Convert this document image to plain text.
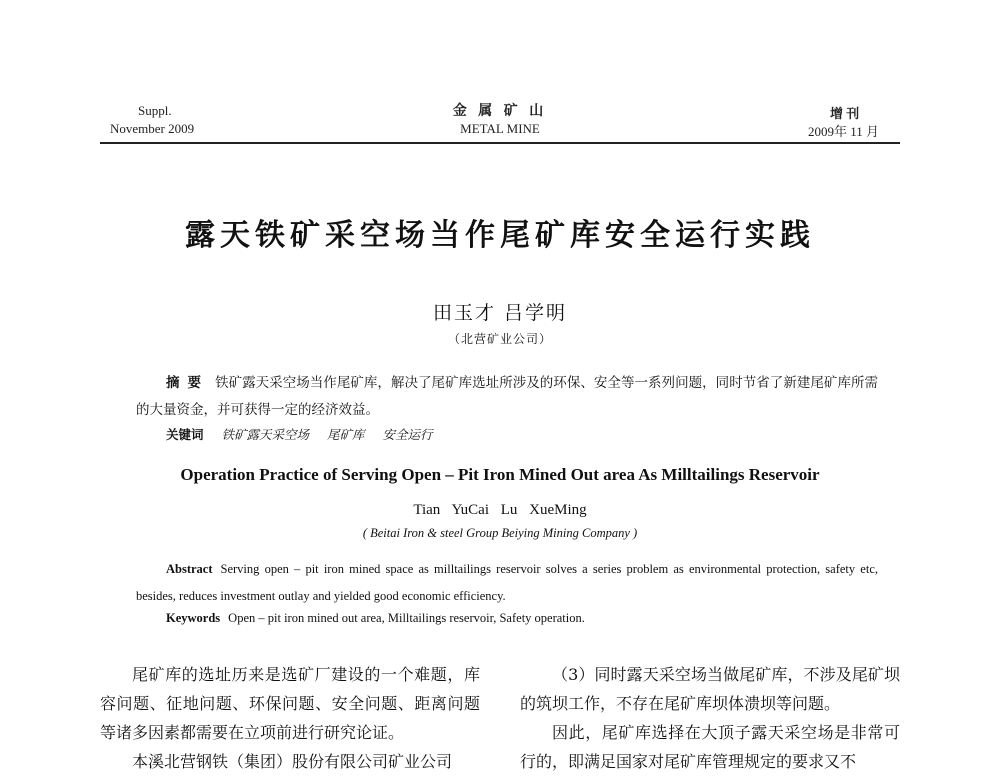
Suppl.
November 2009
金 属 矿 山
METAL MINE
增 刊
2009年 11 月
露天铁矿采空场当作尾矿库安全运行实践
田玉才 吕学明
（北营矿业公司）
摘要 铁矿露天采空场当作尾矿库，解决了尾矿库选址所涉及的环保、安全等一系列问题，同时节省了新建尾矿库所需的大量资金，并可获得一定的经济效益。
关键词 铁矿露天采空场 尾矿库 安全运行
Operation Practice of Serving Open – Pit Iron Mined Out area As Milltailings Reservoir
Tian YuCai Lu XueMing
( Beitai Iron & steel Group Beiying Mining Company )
Abstract Serving open – pit iron mined space as milltailings reservoir solves a series problem as environmental protection, safety etc, besides, reduces investment outlay and yielded good economic efficiency.
Keywords Open – pit iron mined out area, Milltailings reservoir, Safety operation.

尾矿库的选址历来是选矿厂建设的一个难题，库容问题、征地问题、环保问题、安全问题、距离问题等诸多因素都需要在立项前进行研究论证。

本溪北营钢铁（集团）股份有限公司矿业公司

（3）同时露天采空场当做尾矿库，不涉及尾矿坝的筑坝工作，不存在尾矿库坝体溃坝等问题。

因此，尾矿库选择在大顶子露天采空场是非常可行的，即满足国家对尾矿库管理规定的要求又不
